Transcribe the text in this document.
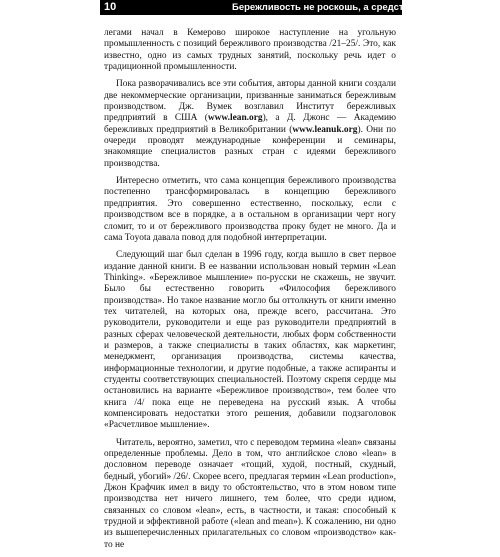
10	Бережливость не роскошь, а средство выживания

легами начал в Кемерово широкое наступление на угольную промышленность с позиций бережливого производства /21–25/. Это, как известно, одно из самых трудных занятий, поскольку речь идет о традиционной промышленности.

Пока разворачивались все эти события, авторы данной книги создали две некоммерческие организации, призванные заниматься бережливым производством. Дж. Вумек возглавил Институт бережливых предприятий в США (www.lean.org), а Д. Джонс — Академию бережливых предприятий в Великобритании (www.leanuk.org). Они по очереди проводят международные конференции и семинары, знакомящие специалистов разных стран с идеями бережливого производства.

Интересно отметить, что сама концепция бережливого производства постепенно трансформировалась в концепцию бережливого предприятия. Это совершенно естественно, поскольку, если с производством все в порядке, а в остальном в организации черт ногу сломит, то и от бережливого производства проку будет не много. Да и сама Toyota давала повод для подобной интерпретации.

Следующий шаг был сделан в 1996 году, когда вышло в свет первое издание данной книги. В ее названии использован новый термин «Lean Thinking». «Бережливое мышление» по-русски не скажешь, не звучит. Было бы естественно говорить «Философия бережливого производства». Но такое название могло бы оттолкнуть от книги именно тех читателей, на которых она, прежде всего, рассчитана. Это руководители, руководители и еще раз руководители предприятий в разных сферах человеческой деятельности, любых форм собственности и размеров, а также специалисты в таких областях, как маркетинг, менеджмент, организация производства, системы качества, информационные технологии, и другие подобные, а также аспиранты и студенты соответствующих специальностей. Поэтому скрепя сердце мы остановились на варианте «Бережливое производство», тем более что книга /4/ пока еще не переведена на русский язык. А чтобы компенсировать недостатки этого решения, добавили подзаголовок «Расчетливое мышление».

Читатель, вероятно, заметил, что с переводом термина «lean» связаны определенные проблемы. Дело в том, что английское слово «lean» в дословном переводе означает «тощий, худой, постный, скудный, бедный, убогий» /26/. Скорее всего, предлагая термин «Lean production», Джон Крафчик имел в виду то обстоятельство, что в этом новом типе производства нет ничего лишнего, тем более, что среди идиом, связанных со словом «lean», есть, в частности, и такая: способный к трудной и эффективной работе («lean and mean»). К сожалению, ни одно из вышеперечисленных прилагательных со словом «производство» как-то не
